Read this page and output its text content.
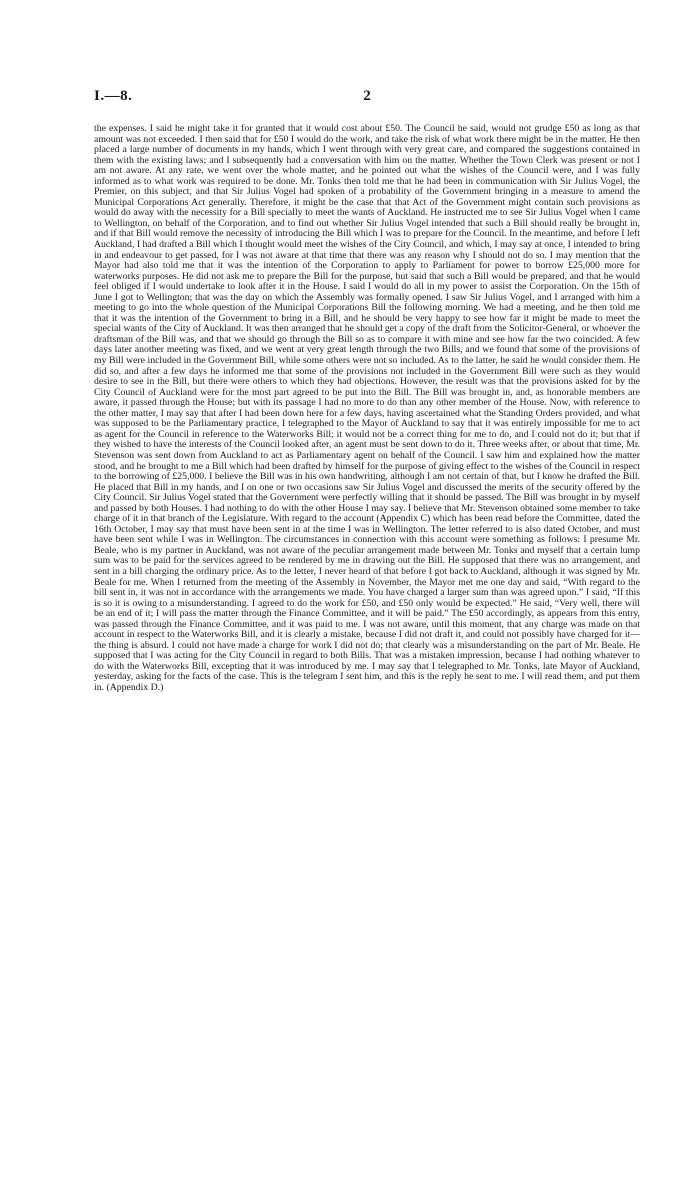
I.—8.	2

the expenses. I said he might take it for granted that it would cost about £50. The Council he said, would not grudge £50 as long as that amount was not exceeded. I then said that for £50 I would do the work, and take the risk of what work there might be in the matter. He then placed a large number of documents in my hands, which I went through with very great care, and compared the suggestions contained in them with the existing laws; and I subsequently had a conversation with him on the matter. Whether the Town Clerk was present or not I am not aware. At any rate, we went over the whole matter, and he pointed out what the wishes of the Council were, and I was fully informed as to what work was required to be done. Mr. Tonks then told me that he had been in communication with Sir Julius Vogel, the Premier, on this subject, and that Sir Julius Vogel had spoken of a probability of the Government bringing in a measure to amend the Municipal Corporations Act generally. Therefore, it might be the case that that Act of the Government might contain such provisions as would do away with the necessity for a Bill specially to meet the wants of Auckland. He instructed me to see Sir Julius Vogel when I came to Wellington, on behalf of the Corporation, and to find out whether Sir Julius Vogel intended that such a Bill should really be brought in, and if that Bill would remove the necessity of introducing the Bill which I was to prepare for the Council. In the meantime, and before I left Auckland, I had drafted a Bill which I thought would meet the wishes of the City Council, and which, I may say at once, I intended to bring in and endeavour to get passed, for I was not aware at that time that there was any reason why I should not do so. I may mention that the Mayor had also told me that it was the intention of the Corporation to apply to Parliament for power to borrow £25,000 more for waterworks purposes. He did not ask me to prepare the Bill for the purpose, but said that such a Bill would be prepared, and that he would feel obliged if I would undertake to look after it in the House. I said I would do all in my power to assist the Corporation. On the 15th of June I got to Wellington; that was the day on which the Assembly was formally opened. I saw Sir Julius Vogel, and I arranged with him a meeting to go into the whole question of the Municipal Corporations Bill the following morning. We had a meeting, and he then told me that it was the intention of the Government to bring in a Bill, and he should be very happy to see how far it might be made to meet the special wants of the City of Auckland. It was then arranged that he should get a copy of the draft from the Solicitor-General, or whoever the draftsman of the Bill was, and that we should go through the Bill so as to compare it with mine and see how far the two coincided. A few days later another meeting was fixed, and we went at very great length through the two Bills, and we found that some of the provisions of my Bill were included in the Government Bill, while some others were not so included. As to the latter, he said he would consider them. He did so, and after a few days he informed me that some of the provisions not included in the Government Bill were such as they would desire to see in the Bill, but there were others to which they had objections. However, the result was that the provisions asked for by the City Council of Auckland were for the most part agreed to be put into the Bill. The Bill was brought in, and, as honorable members are aware, it passed through the House; but with its passage I had no more to do than any other member of the House. Now, with reference to the other matter, I may say that after I had been down here for a few days, having ascertained what the Standing Orders provided, and what was supposed to be the Parliamentary practice, I telegraphed to the Mayor of Auckland to say that it was entirely impossible for me to act as agent for the Council in reference to the Waterworks Bill; it would not be a correct thing for me to do, and I could not do it; but that if they wished to have the interests of the Council looked after, an agent must be sent down to do it. Three weeks after, or about that time, Mr. Stevenson was sent down from Auckland to act as Parliamentary agent on behalf of the Council. I saw him and explained how the matter stood, and he brought to me a Bill which had been drafted by himself for the purpose of giving effect to the wishes of the Council in respect to the borrowing of £25,000. I believe the Bill was in his own handwriting, although I am not certain of that, but I know he drafted the Bill. He placed that Bill in my hands, and I on one or two occasions saw Sir Julius Vogel and discussed the merits of the security offered by the City Council. Sir Julius Vogel stated that the Government were perfectly willing that it should be passed. The Bill was brought in by myself and passed by both Houses. I had nothing to do with the other House I may say. I believe that Mr. Stevenson obtained some member to take charge of it in that branch of the Legislature. With regard to the account (Appendix C) which has been read before the Committee, dated the 16th October, I may say that must have been sent in at the time I was in Wellington. The letter referred to is also dated October, and must have been sent while I was in Wellington. The circumstances in connection with this account were something as follows: I presume Mr. Beale, who is my partner in Auckland, was not aware of the peculiar arrangement made between Mr. Tonks and myself that a certain lump sum was to be paid for the services agreed to be rendered by me in drawing out the Bill. He supposed that there was no arrangement, and sent in a bill charging the ordinary price. As to the letter, I never heard of that before I got back to Auckland, although it was signed by Mr. Beale for me. When I returned from the meeting of the Assembly in November, the Mayor met me one day and said, “With regard to the bill sent in, it was not in accordance with the arrangements we made. You have charged a larger sum than was agreed upon.” I said, “If this is so it is owing to a misunderstanding. I agreed to do the work for £50, and £50 only would be expected.” He said, “Very well, there will be an end of it; I will pass the matter through the Finance Committee, and it will be paid.” The £50 accordingly, as appears from this entry, was passed through the Finance Committee, and it was paid to me. I was not aware, until this moment, that any charge was made on that account in respect to the Waterworks Bill, and it is clearly a mistake, because I did not draft it, and could not possibly have charged for it—the thing is absurd. I could not have made a charge for work I did not do; that clearly was a misunderstanding on the part of Mr. Beale. He supposed that I was acting for the City Council in regard to both Bills. That was a mistaken impression, because I had nothing whatever to do with the Waterworks Bill, excepting that it was introduced by me. I may say that I telegraphed to Mr. Tonks, late Mayor of Auckland, yesterday, asking for the facts of the case. This is the telegram I sent him, and this is the reply he sent to me. I will read them, and put them in. (Appendix D.)
